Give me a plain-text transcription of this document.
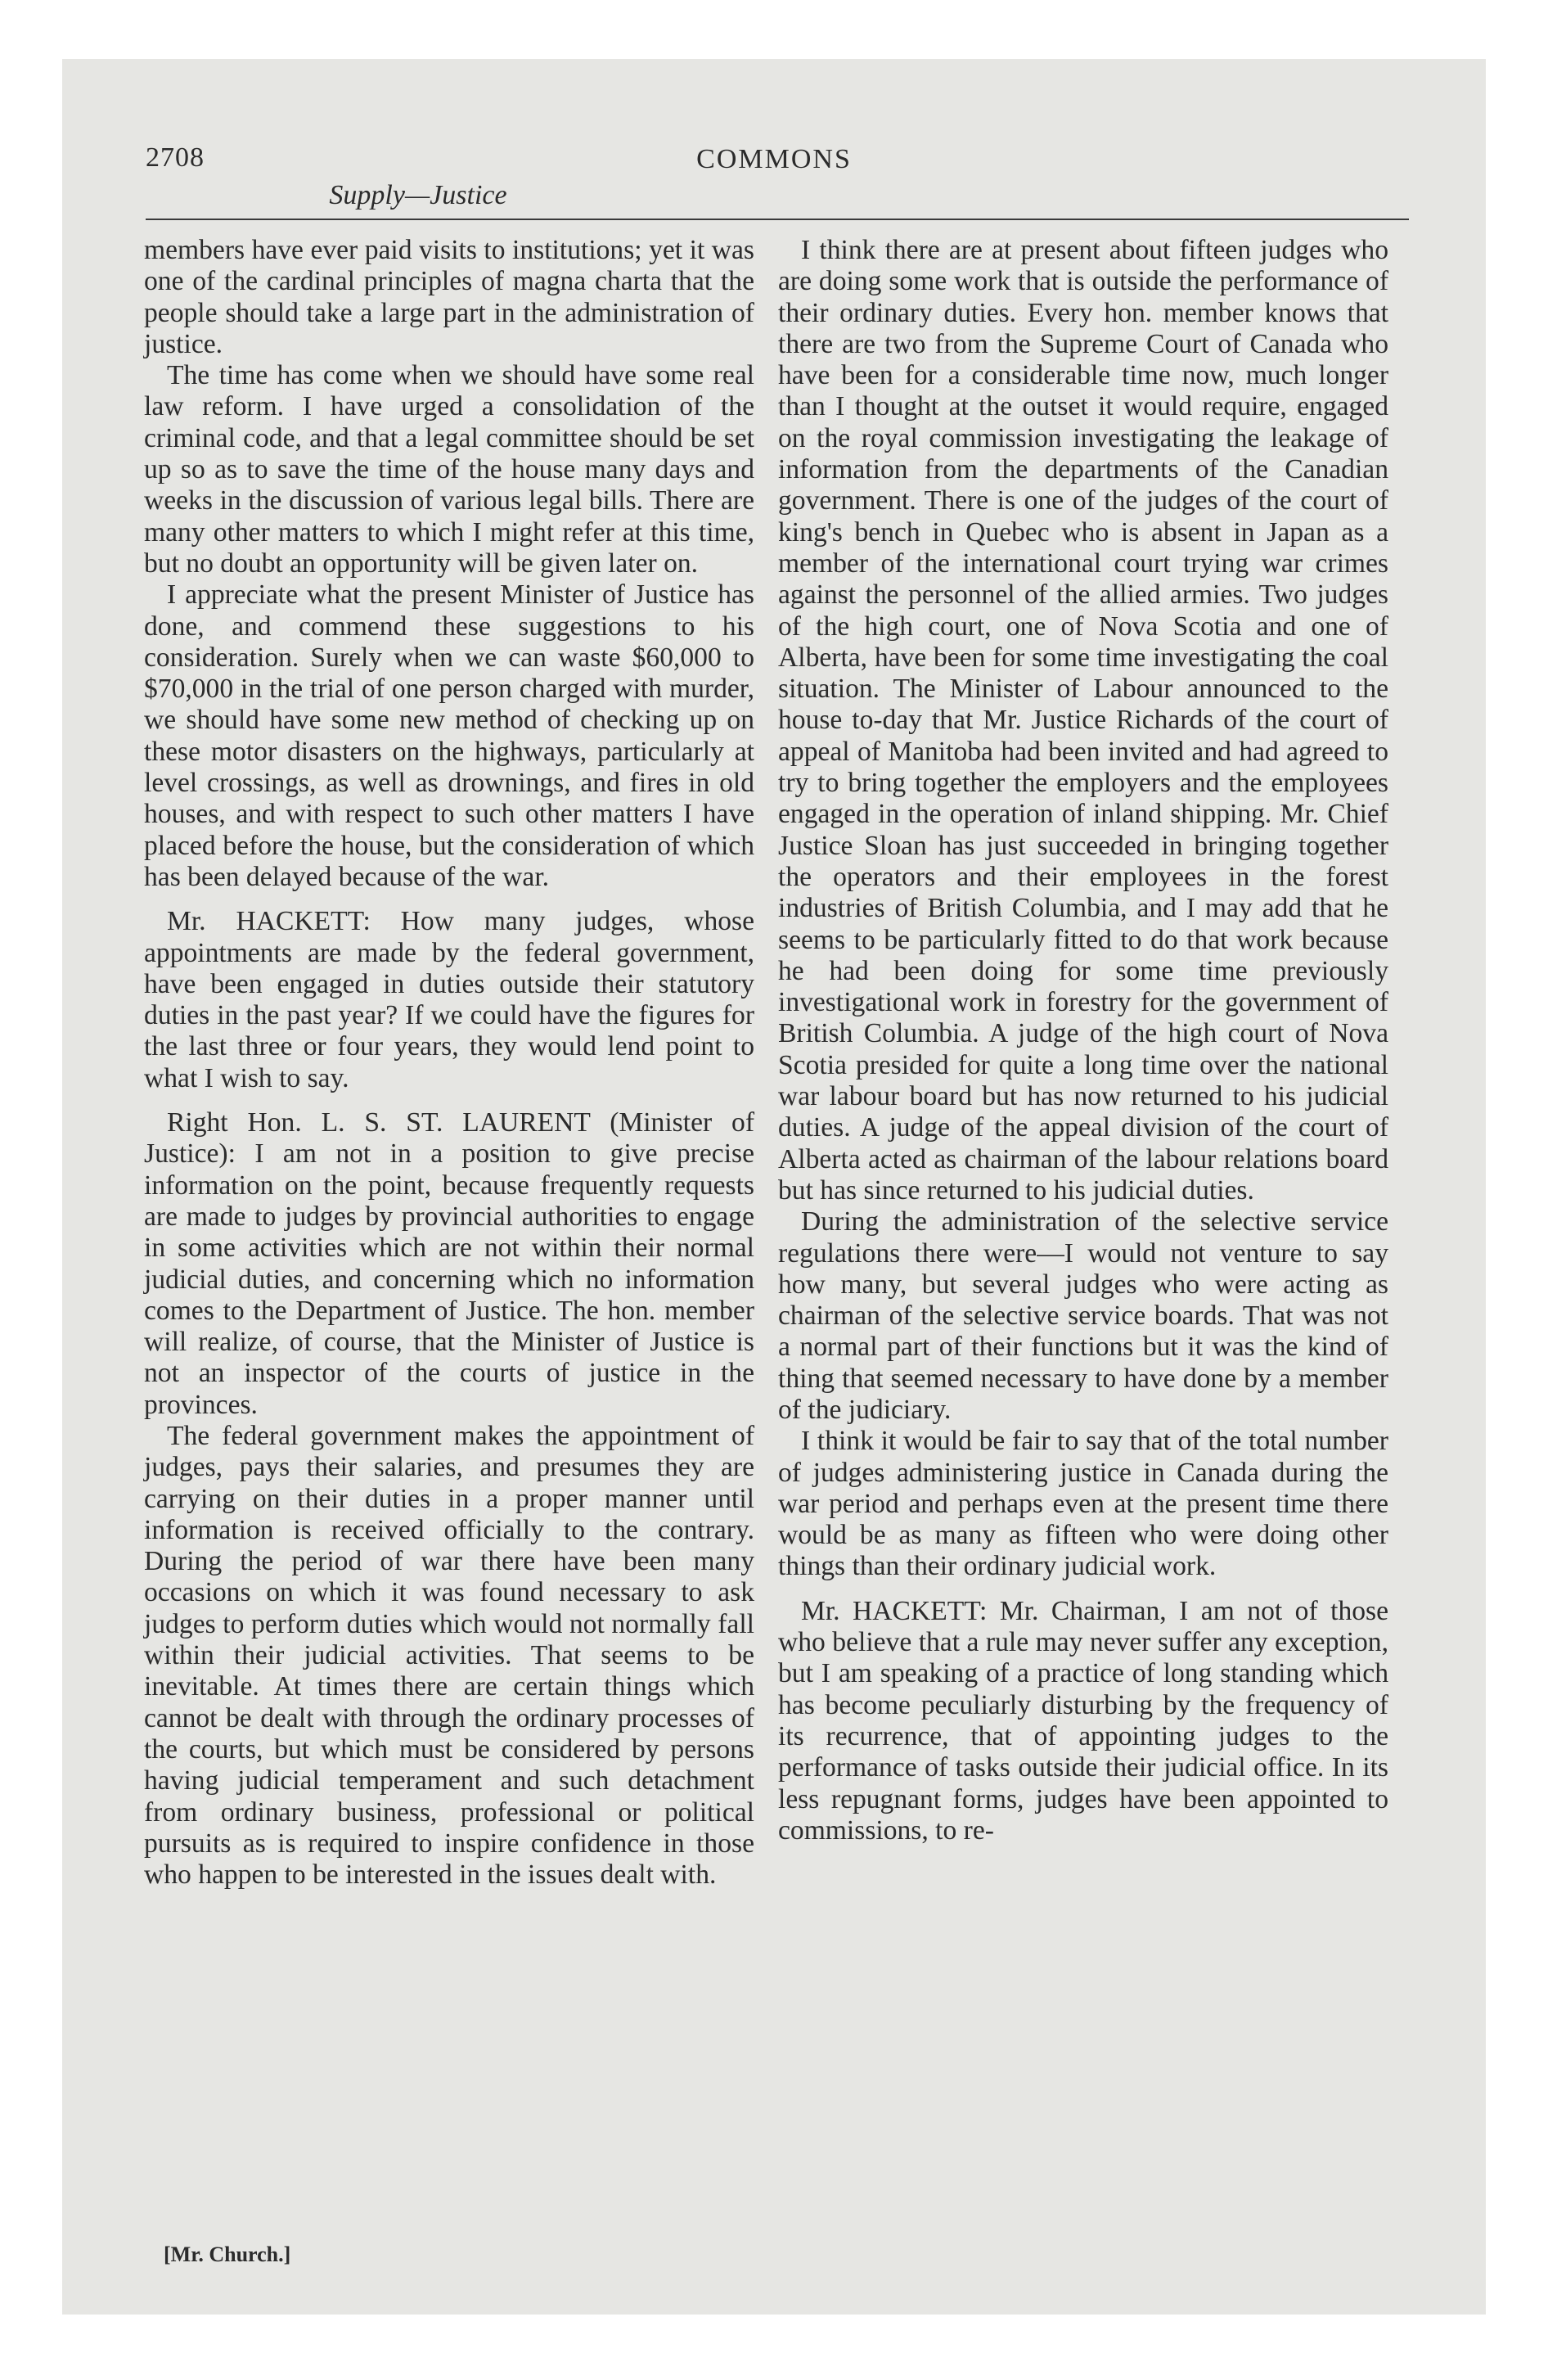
2708	COMMONS
Supply—Justice

members have ever paid visits to institutions; yet it was one of the cardinal principles of magna charta that the people should take a large part in the administration of justice.

The time has come when we should have some real law reform. I have urged a consolidation of the criminal code, and that a legal committee should be set up so as to save the time of the house many days and weeks in the discussion of various legal bills. There are many other matters to which I might refer at this time, but no doubt an opportunity will be given later on.

I appreciate what the present Minister of Justice has done, and commend these suggestions to his consideration. Surely when we can waste $60,000 to $70,000 in the trial of one person charged with murder, we should have some new method of checking up on these motor disasters on the highways, particularly at level crossings, as well as drownings, and fires in old houses, and with respect to such other matters I have placed before the house, but the consideration of which has been delayed because of the war.

Mr. HACKETT: How many judges, whose appointments are made by the federal government, have been engaged in duties outside their statutory duties in the past year? If we could have the figures for the last three or four years, they would lend point to what I wish to say.

Right Hon. L. S. ST. LAURENT (Minister of Justice): I am not in a position to give precise information on the point, because frequently requests are made to judges by provincial authorities to engage in some activities which are not within their normal judicial duties, and concerning which no information comes to the Department of Justice. The hon. member will realize, of course, that the Minister of Justice is not an inspector of the courts of justice in the provinces.

The federal government makes the appointment of judges, pays their salaries, and presumes they are carrying on their duties in a proper manner until information is received officially to the contrary. During the period of war there have been many occasions on which it was found necessary to ask judges to perform duties which would not normally fall within their judicial activities. That seems to be inevitable. At times there are certain things which cannot be dealt with through the ordinary processes of the courts, but which must be considered by persons having judicial temperament and such detachment from ordinary business, professional or political pursuits as is required to inspire confidence in those who happen to be interested in the issues dealt with.

I think there are at present about fifteen judges who are doing some work that is outside the performance of their ordinary duties. Every hon. member knows that there are two from the Supreme Court of Canada who have been for a considerable time now, much longer than I thought at the outset it would require, engaged on the royal commission investigating the leakage of information from the departments of the Canadian government. There is one of the judges of the court of king's bench in Quebec who is absent in Japan as a member of the international court trying war crimes against the personnel of the allied armies. Two judges of the high court, one of Nova Scotia and one of Alberta, have been for some time investigating the coal situation. The Minister of Labour announced to the house to-day that Mr. Justice Richards of the court of appeal of Manitoba had been invited and had agreed to try to bring together the employers and the employees engaged in the operation of inland shipping. Mr. Chief Justice Sloan has just succeeded in bringing together the operators and their employees in the forest industries of British Columbia, and I may add that he seems to be particularly fitted to do that work because he had been doing for some time previously investigational work in forestry for the government of British Columbia. A judge of the high court of Nova Scotia presided for quite a long time over the national war labour board but has now returned to his judicial duties. A judge of the appeal division of the court of Alberta acted as chairman of the labour relations board but has since returned to his judicial duties.

During the administration of the selective service regulations there were—I would not venture to say how many, but several judges who were acting as chairman of the selective service boards. That was not a normal part of their functions but it was the kind of thing that seemed necessary to have done by a member of the judiciary.

I think it would be fair to say that of the total number of judges administering justice in Canada during the war period and perhaps even at the present time there would be as many as fifteen who were doing other things than their ordinary judicial work.

Mr. HACKETT: Mr. Chairman, I am not of those who believe that a rule may never suffer any exception, but I am speaking of a practice of long standing which has become peculiarly disturbing by the frequency of its recurrence, that of appointing judges to the performance of tasks outside their judicial office. In its less repugnant forms, judges have been appointed to commissions, to re-

[Mr. Church.]
